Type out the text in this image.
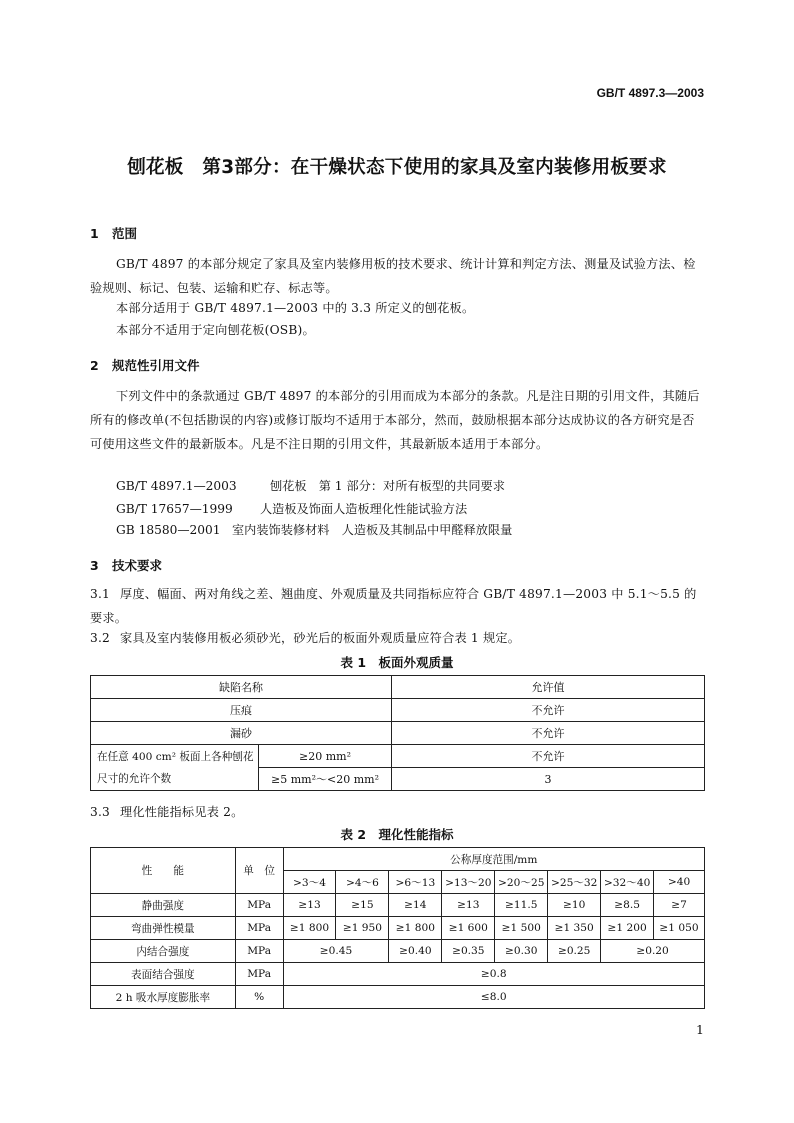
GB/T 4897.3—2003
刨花板　第3部分：在干燥状态下使用的家具及室内装修用板要求
1 范围
GB/T 4897 的本部分规定了家具及室内装修用板的技术要求、统计计算和判定方法、测量及试验方法、检验规则、标记、包装、运输和贮存、标志等。
本部分适用于 GB/T 4897.1—2003 中的 3.3 所定义的刨花板。
本部分不适用于定向刨花板(OSB)。
2 规范性引用文件
下列文件中的条款通过 GB/T 4897 的本部分的引用而成为本部分的条款。凡是注日期的引用文件，其随后所有的修改单(不包括勘误的内容)或修订版均不适用于本部分，然而，鼓励根据本部分达成协议的各方研究是否可使用这些文件的最新版本。凡是不注日期的引用文件，其最新版本适用于本部分。
GB/T 4897.1—2003	刨花板　第 1 部分：对所有板型的共同要求
GB/T 17657—1999 人造板及饰面人造板理化性能试验方法
GB 18580—2001 室内装饰装修材料　人造板及其制品中甲醛释放限量
3 技术要求
3.1 厚度、幅面、两对角线之差、翘曲度、外观质量及共同指标应符合 GB/T 4897.1—2003 中 5.1～5.5 的要求。
3.2 家具及室内装修用板必须砂光，砂光后的板面外观质量应符合表 1 规定。
表 1　板面外观质量
缺陷名称		允许值
压痕		不允许
漏砂		不允许
在任意 400 cm² 板面上各种刨花尺寸的允许个数	≥20 mm²	不允许
	≥5 mm²～<20 mm²	3
3.3 理化性能指标见表 2。
表 2　理化性能指标
性　　能	单　位	公称厚度范围/mm							
		>3～4	>4～6	>6～13	>13～20	>20～25	>25～32	>32～40	>40
静曲强度	MPa	≥13	≥15	≥14	≥13	≥11.5	≥10	≥8.5	≥7
弯曲弹性模量	MPa	≥1 800	≥1 950	≥1 800	≥1 600	≥1 500	≥1 350	≥1 200	≥1 050
内结合强度	MPa	≥0.45		≥0.40	≥0.35	≥0.30	≥0.25	≥0.20	
表面结合强度	MPa	≥0.8							
2 h 吸水厚度膨胀率	%	≤8.0							
1
